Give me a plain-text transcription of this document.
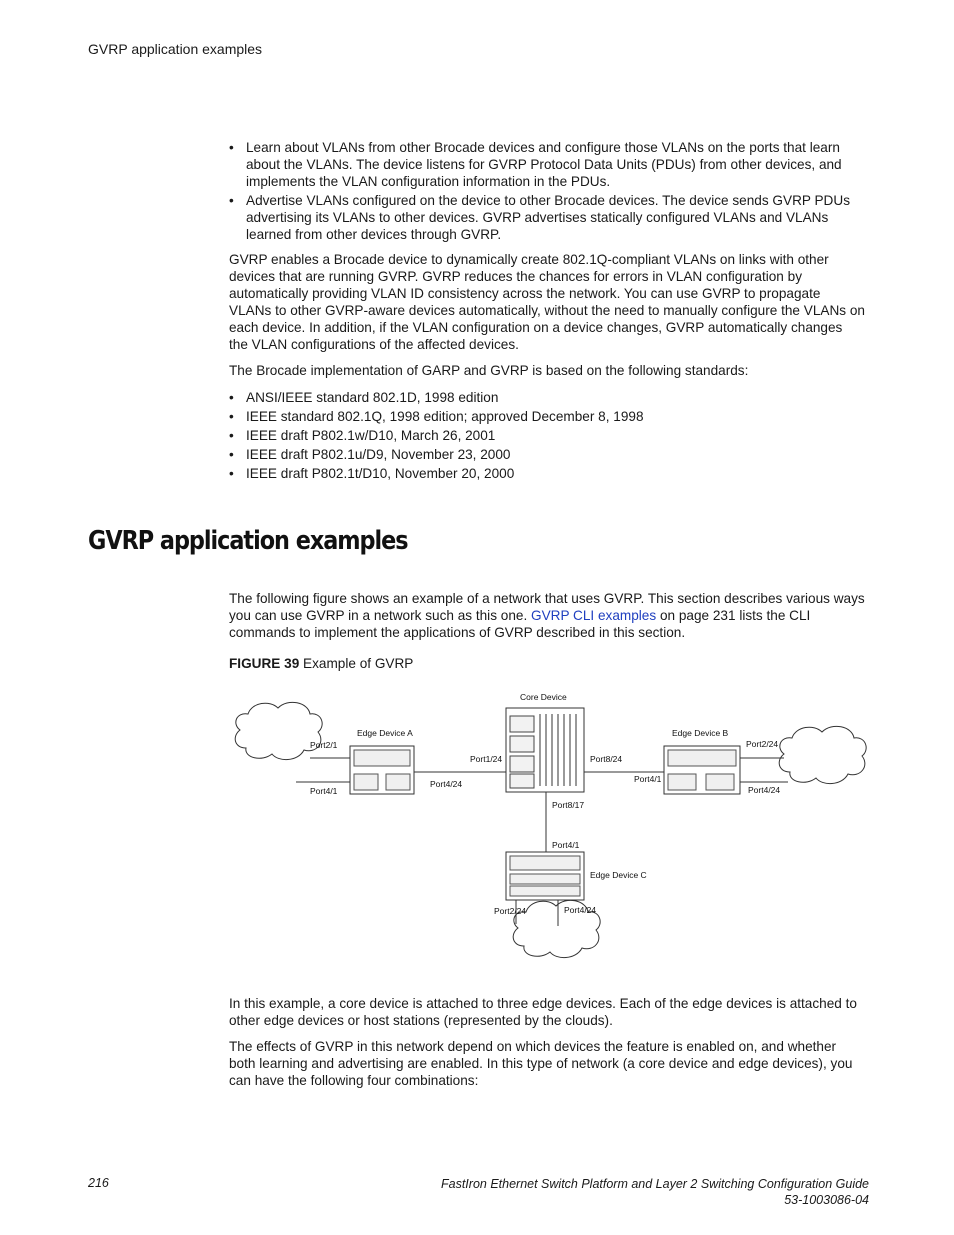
GVRP application examples
• Learn about VLANs from other Brocade devices and configure those VLANs on the ports that learn about the VLANs. The device listens for GVRP Protocol Data Units (PDUs) from other devices, and implements the VLAN configuration information in the PDUs.
• Advertise VLANs configured on the device to other Brocade devices. The device sends GVRP PDUs advertising its VLANs to other devices. GVRP advertises statically configured VLANs and VLANs learned from other devices through GVRP.

GVRP enables a Brocade device to dynamically create 802.1Q-compliant VLANs on links with other devices that are running GVRP. GVRP reduces the chances for errors in VLAN configuration by automatically providing VLAN ID consistency across the network. You can use GVRP to propagate VLANs to other GVRP-aware devices automatically, without the need to manually configure the VLANs on each device. In addition, if the VLAN configuration on a device changes, GVRP automatically changes the VLAN configurations of the affected devices.

The Brocade implementation of GARP and GVRP is based on the following standards:

• ANSI/IEEE standard 802.1D, 1998 edition
• IEEE standard 802.1Q, 1998 edition; approved December 8, 1998
• IEEE draft P802.1w/D10, March 26, 2001
• IEEE draft P802.1u/D9, November 23, 2000
• IEEE draft P802.1t/D10, November 20, 2000
GVRP application examples

The following figure shows an example of a network that uses GVRP. This section describes various ways you can use GVRP in a network such as this one. GVRP CLI examples on page 231 lists the CLI commands to implement the applications of GVRP described in this section.

FIGURE 39 Example of GVRP

Core Device
Edge Device A	Edge Device B
Edge Device C
Port2/1
Port4/1
Port4/24
Port1/24	Port8/24
Port8/17
Port4/1
Port2/24
Port4/24
Port4/1
Port2/24	Port4/24

In this example, a core device is attached to three edge devices. Each of the edge devices is attached to other edge devices or host stations (represented by the clouds).

The effects of GVRP in this network depend on which devices the feature is enabled on, and whether both learning and advertising are enabled. In this type of network (a core device and edge devices), you can have the following four combinations:

216	FastIron Ethernet Switch Platform and Layer 2 Switching Configuration Guide
53-1003086-04
